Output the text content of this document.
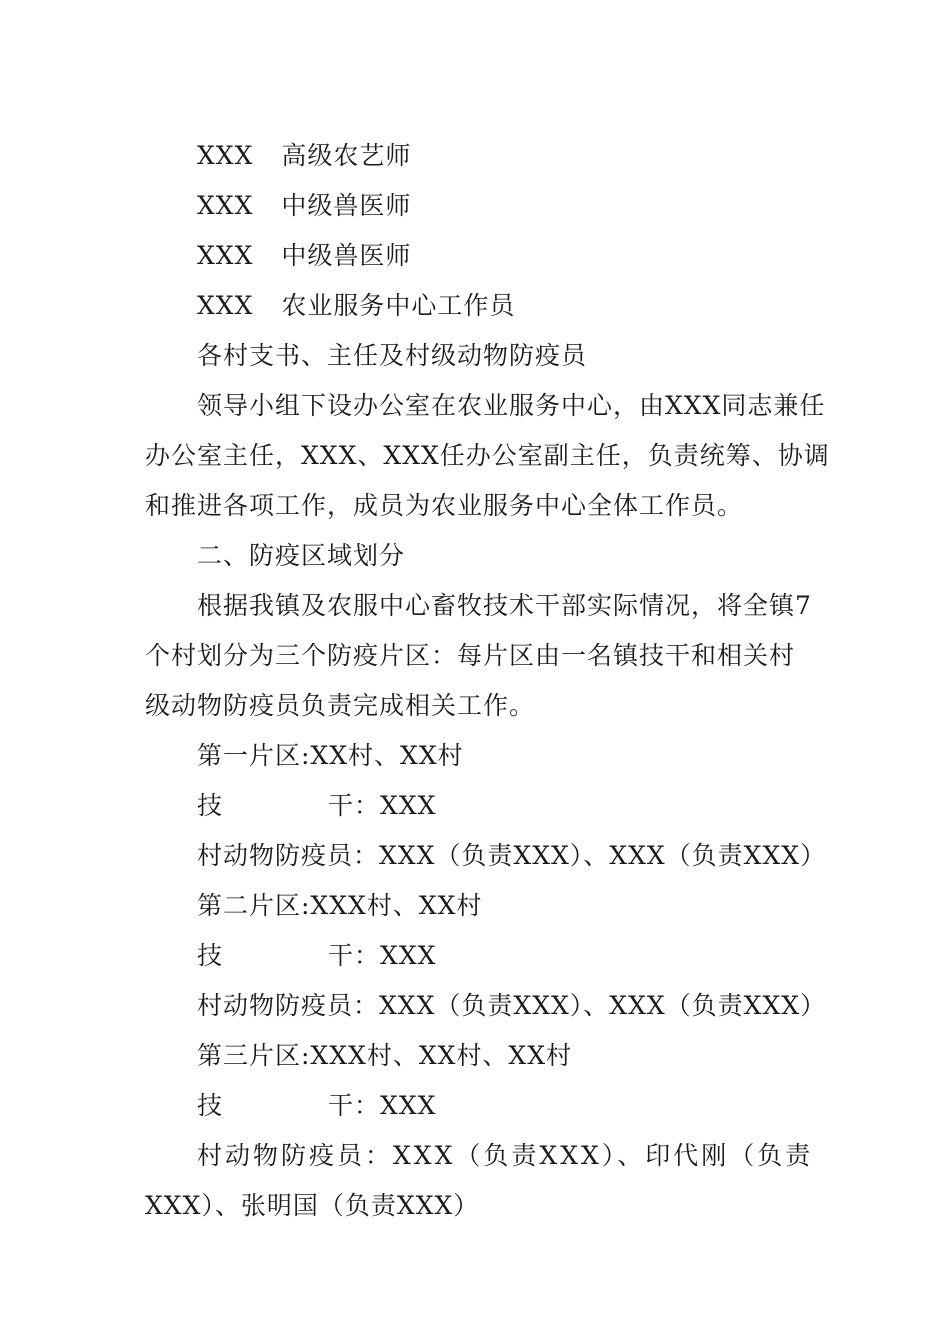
XXX 高级农艺师
XXX 中级兽医师
XXX 中级兽医师
XXX 农业服务中心工作员
各村支书、主任及村级动物防疫员
领导小组下设办公室在农业服务中心，由XXX同志兼任
办公室主任，XXX、XXX任办公室副主任，负责统筹、协调
和推进各项工作，成员为农业服务中心全体工作员。
二、防疫区域划分
根据我镇及农服中心畜牧技术干部实际情况，将全镇7
个村划分为三个防疫片区：每片区由一名镇技干和相关村
级动物防疫员负责完成相关工作。
第一片区:XX村、XX村
技	干：XXX
村动物防疫员：XXX（负责XXX）、XXX（负责XXX）
第二片区:XXX村、XX村
技	干：XXX
村动物防疫员：XXX（负责XXX）、XXX（负责XXX）
第三片区:XXX村、XX村、XX村
技	干：XXX
村动物防疫员：XXX（负责XXX）、印代刚（负责
XXX）、张明国（负责XXX）
